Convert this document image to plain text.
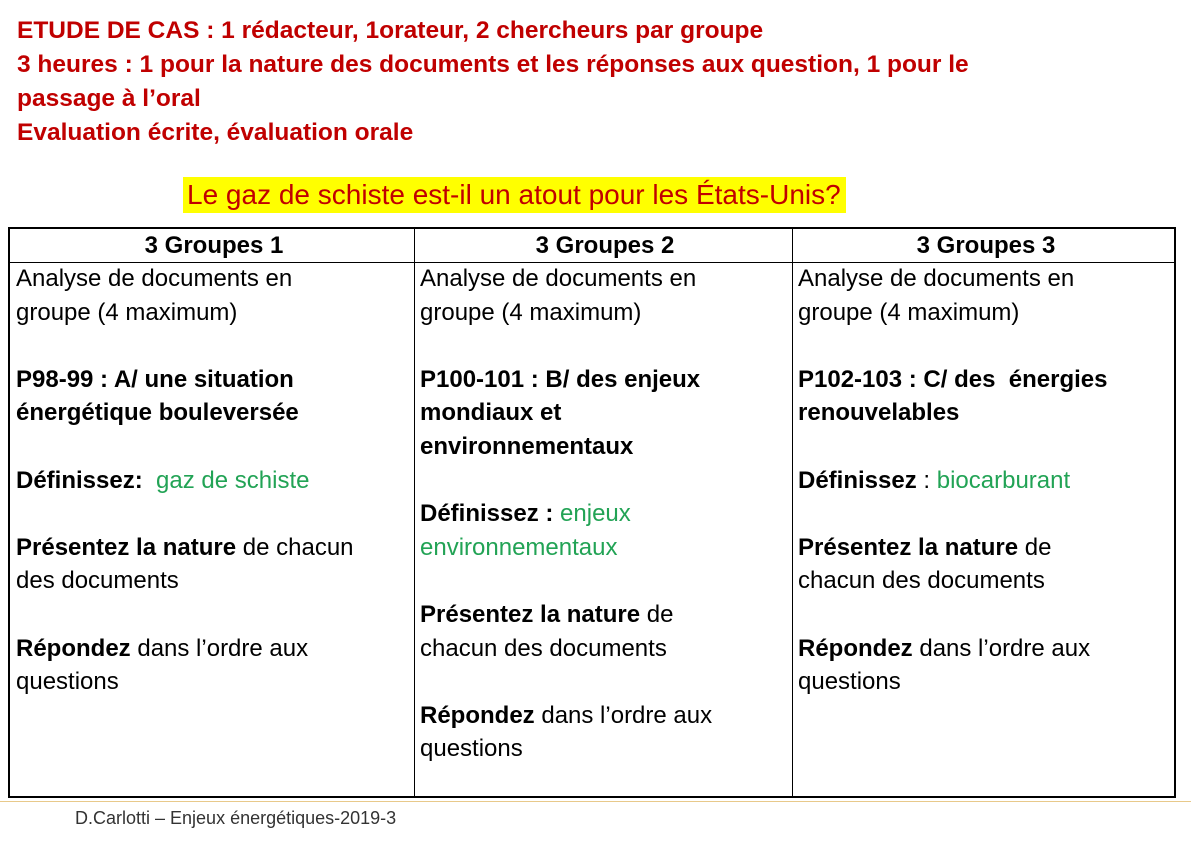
ETUDE DE CAS : 1 rédacteur, 1orateur, 2 chercheurs par groupe
3 heures : 1 pour la nature des documents et les réponses aux question, 1 pour le
passage à l’oral
Evaluation écrite, évaluation orale
Le gaz de schiste est-il un atout pour les États-Unis?
3 Groupes 1
Analyse de documents en
groupe (4 maximum)
P98-99 : A/ une situation
énergétique bouleversée
Définissez: gaz de schiste
Présentez la nature de chacun
des documents
Répondez dans l’ordre aux
questions
3 Groupes 2
Analyse de documents en
groupe (4 maximum)
P100-101 : B/ des enjeux
mondiaux et
environnementaux
Définissez : enjeux
environnementaux
Présentez la nature de
chacun des documents
Répondez dans l’ordre aux
questions
3 Groupes 3
Analyse de documents en
groupe (4 maximum)
P102-103 : C/ des  énergies
renouvelables
Définissez : biocarburant
Présentez la nature de
chacun des documents
Répondez dans l’ordre aux
questions
D.Carlotti – Enjeux énergétiques-2019-3
